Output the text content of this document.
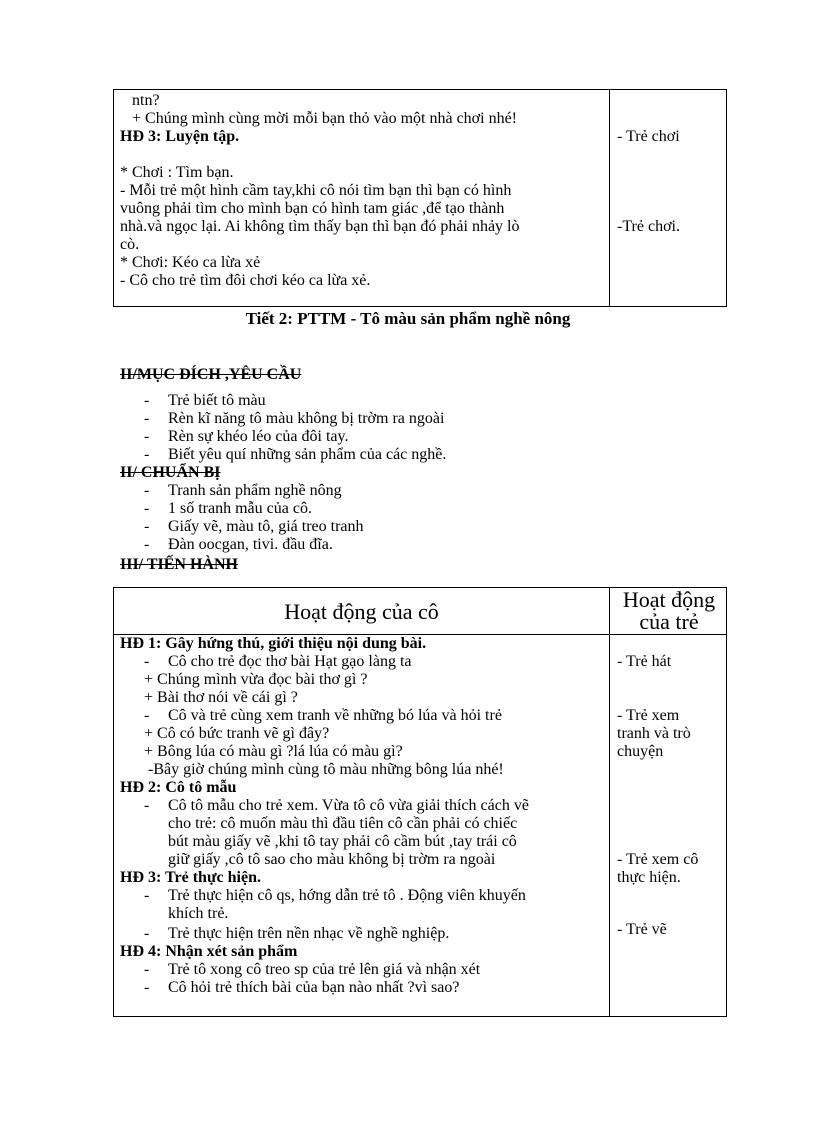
ntn?
+ Chúng mình cùng mời mỗi bạn thỏ vào một nhà chơi nhé!
HĐ 3: Luyện tập.
* Chơi : Tìm bạn.
- Mỗi trẻ một hình cầm tay,khi cô nói tìm bạn thì bạn có hình
vuông phải tìm cho mình bạn có hình tam giác ,để tạo thành
nhà.và ngọc lại. Ai không tìm thấy bạn thì bạn đó phải nhảy lò
cò.
* Chơi: Kéo ca lừa xẻ
- Cô cho trẻ tìm đôi chơi kéo ca lừa xẻ.
- Trẻ chơi
-Trẻ chơi.
Tiết 2: PTTM - Tô màu sản phẩm nghề nông
II/MỤC ĐÍCH ,YÊU CẦU
- Trẻ biết tô màu
- Rèn kĩ năng tô màu không bị trờm ra ngoài
- Rèn sự khéo léo của đôi tay.
- Biết yêu quí những sản phẩm của các nghề.
II/ CHUẨN BỊ
- Tranh sản phẩm nghề nông
- 1 số tranh mẫu của cô.
- Giấy vẽ, màu tô, giá treo tranh
- Đàn oocgan, tivi. đầu đĩa.
III/ TIẾN HÀNH
Hoạt động của cô	Hoạt động
của trẻ
HĐ 1: Gây hứng thú, giới thiệu nội dung bài.
- Cô cho trẻ đọc thơ bài Hạt gạo làng ta
+ Chúng mình vừa đọc bài thơ gì ?
+ Bài thơ nói về cái gì ?
- Cô và trẻ cùng xem tranh về những bó lúa và hỏi trẻ
+ Cô có bức tranh vẽ gì đây?
+ Bông lúa có màu gì ?lá lúa có màu gì?
-Bây giờ chúng mình cùng tô màu những bông lúa nhé!
HĐ 2: Cô tô mẫu
- Cô tô mẫu cho trẻ xem. Vừa tô cô vừa giải thích cách vẽ
cho trẻ: cô muốn màu thì đầu tiên cô cần phải có chiếc
bút màu giấy vẽ ,khi tô tay phải cô cầm bút ,tay trái cô
giữ giấy ,cô tô sao cho màu không bị trờm ra ngoài
HĐ 3: Trẻ thực hiện.
- Trẻ thực hiện cô qs, hớng dẫn trẻ tô . Động viên khuyến
khích trẻ.
- Trẻ thực hiện trên nền nhạc về nghề nghiệp.
HĐ 4: Nhận xét sản phẩm
- Trẻ tô xong cô treo sp của trẻ lên giá và nhận xét
- Cô hỏi trẻ thích bài của bạn nào nhất ?vì sao?
- Trẻ hát
- Trẻ xem
tranh và trò
chuyện
- Trẻ xem cô
thực hiện.
- Trẻ vẽ
